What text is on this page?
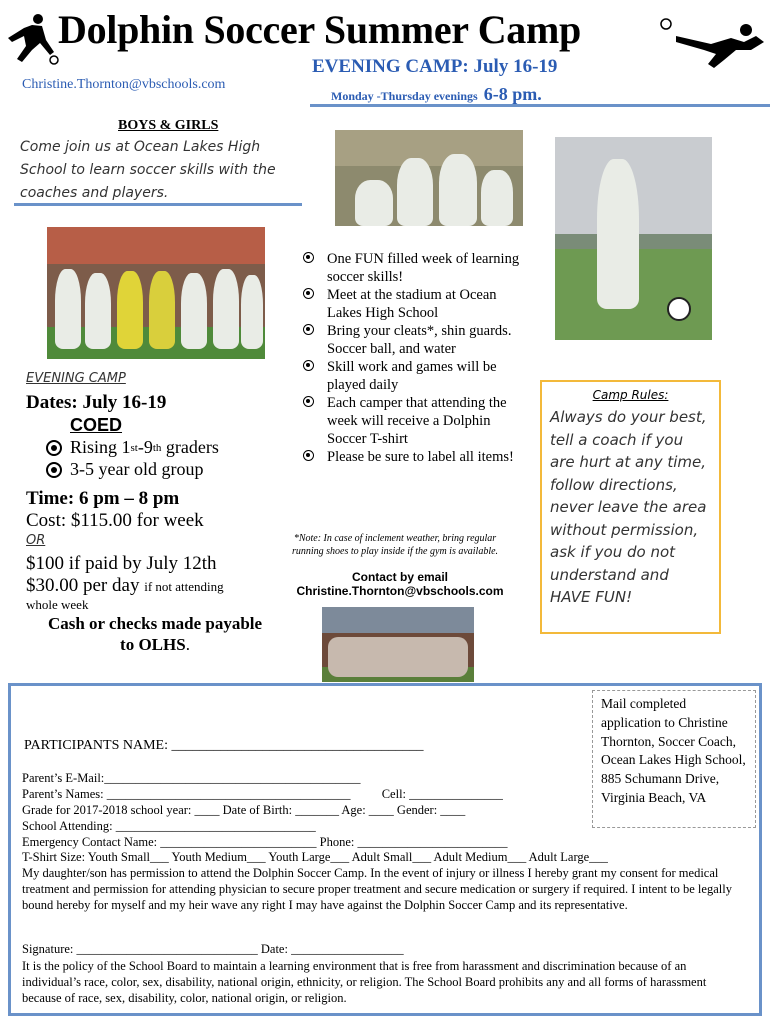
Dolphin Soccer Summer Camp
Christine.Thornton@vbschools.com
EVENING CAMP: July 16-19
Monday -Thursday evenings 6-8 pm.
BOYS & GIRLS
Come join us at Ocean Lakes High School to learn soccer skills with the coaches and players.
One FUN filled week of learning soccer skills!
Meet at the stadium at Ocean Lakes High School
Bring your cleats*, shin guards. Soccer ball, and water
Skill work and games will be played daily
Each camper that attending the week will receive a Dolphin Soccer T-shirt
Please be sure to label all items!
*Note: In case of inclement weather, bring regular running shoes to play inside if the gym is available.
Contact by email
Christine.Thornton@vbschools.com
EVENING CAMP
Dates: July 16-19
COED
Rising 1 st -9 th graders
3-5 year old group
Time: 6 pm – 8 pm
Cost: $115.00 for week
OR
$100 if paid by July 12th
$30.00 per day if not attending
whole week
Cash or checks made payable to OLHS.
Camp Rules:
Always do your best, tell a coach if you are hurt at any time, follow directions, never leave the area without permission, ask if you do not understand and HAVE FUN!
Mail completed application to Christine Thornton, Soccer Coach, Ocean Lakes High School, 885 Schumann Drive, Virginia Beach, VA
PARTICIPANTS NAME: ____________________________________
Parent’s E-Mail:_________________________________________
Parent’s Names: _______________________________________          Cell: _______________
Grade for 2017-2018 school year: ____ Date of Birth: _______ Age: ____ Gender: ____
School Attending: ________________________________
Emergency Contact Name: _________________________ Phone: ________________________
T-Shirt Size: Youth Small___ Youth Medium___ Youth Large___ Adult Small___ Adult Medium___ Adult Large___
My daughter/son has permission to attend the Dolphin Soccer Camp. In the event of injury or illness I hereby grant my consent for medical treatment and permission for attending physician to secure proper treatment and secure medication or surgery if required. I intent to be legally bound hereby for myself and my heir wave any right I may have against the Dolphin Soccer Camp and its representative.
Signature: _____________________________ Date: __________________
It is the policy of the School Board to maintain a learning environment that is free from harassment and discrimination because of an individual’s race, color, sex, disability, national origin, ethnicity, or religion. The School Board prohibits any and all forms of harassment because of race, sex, disability, color, national origin, or religion.
